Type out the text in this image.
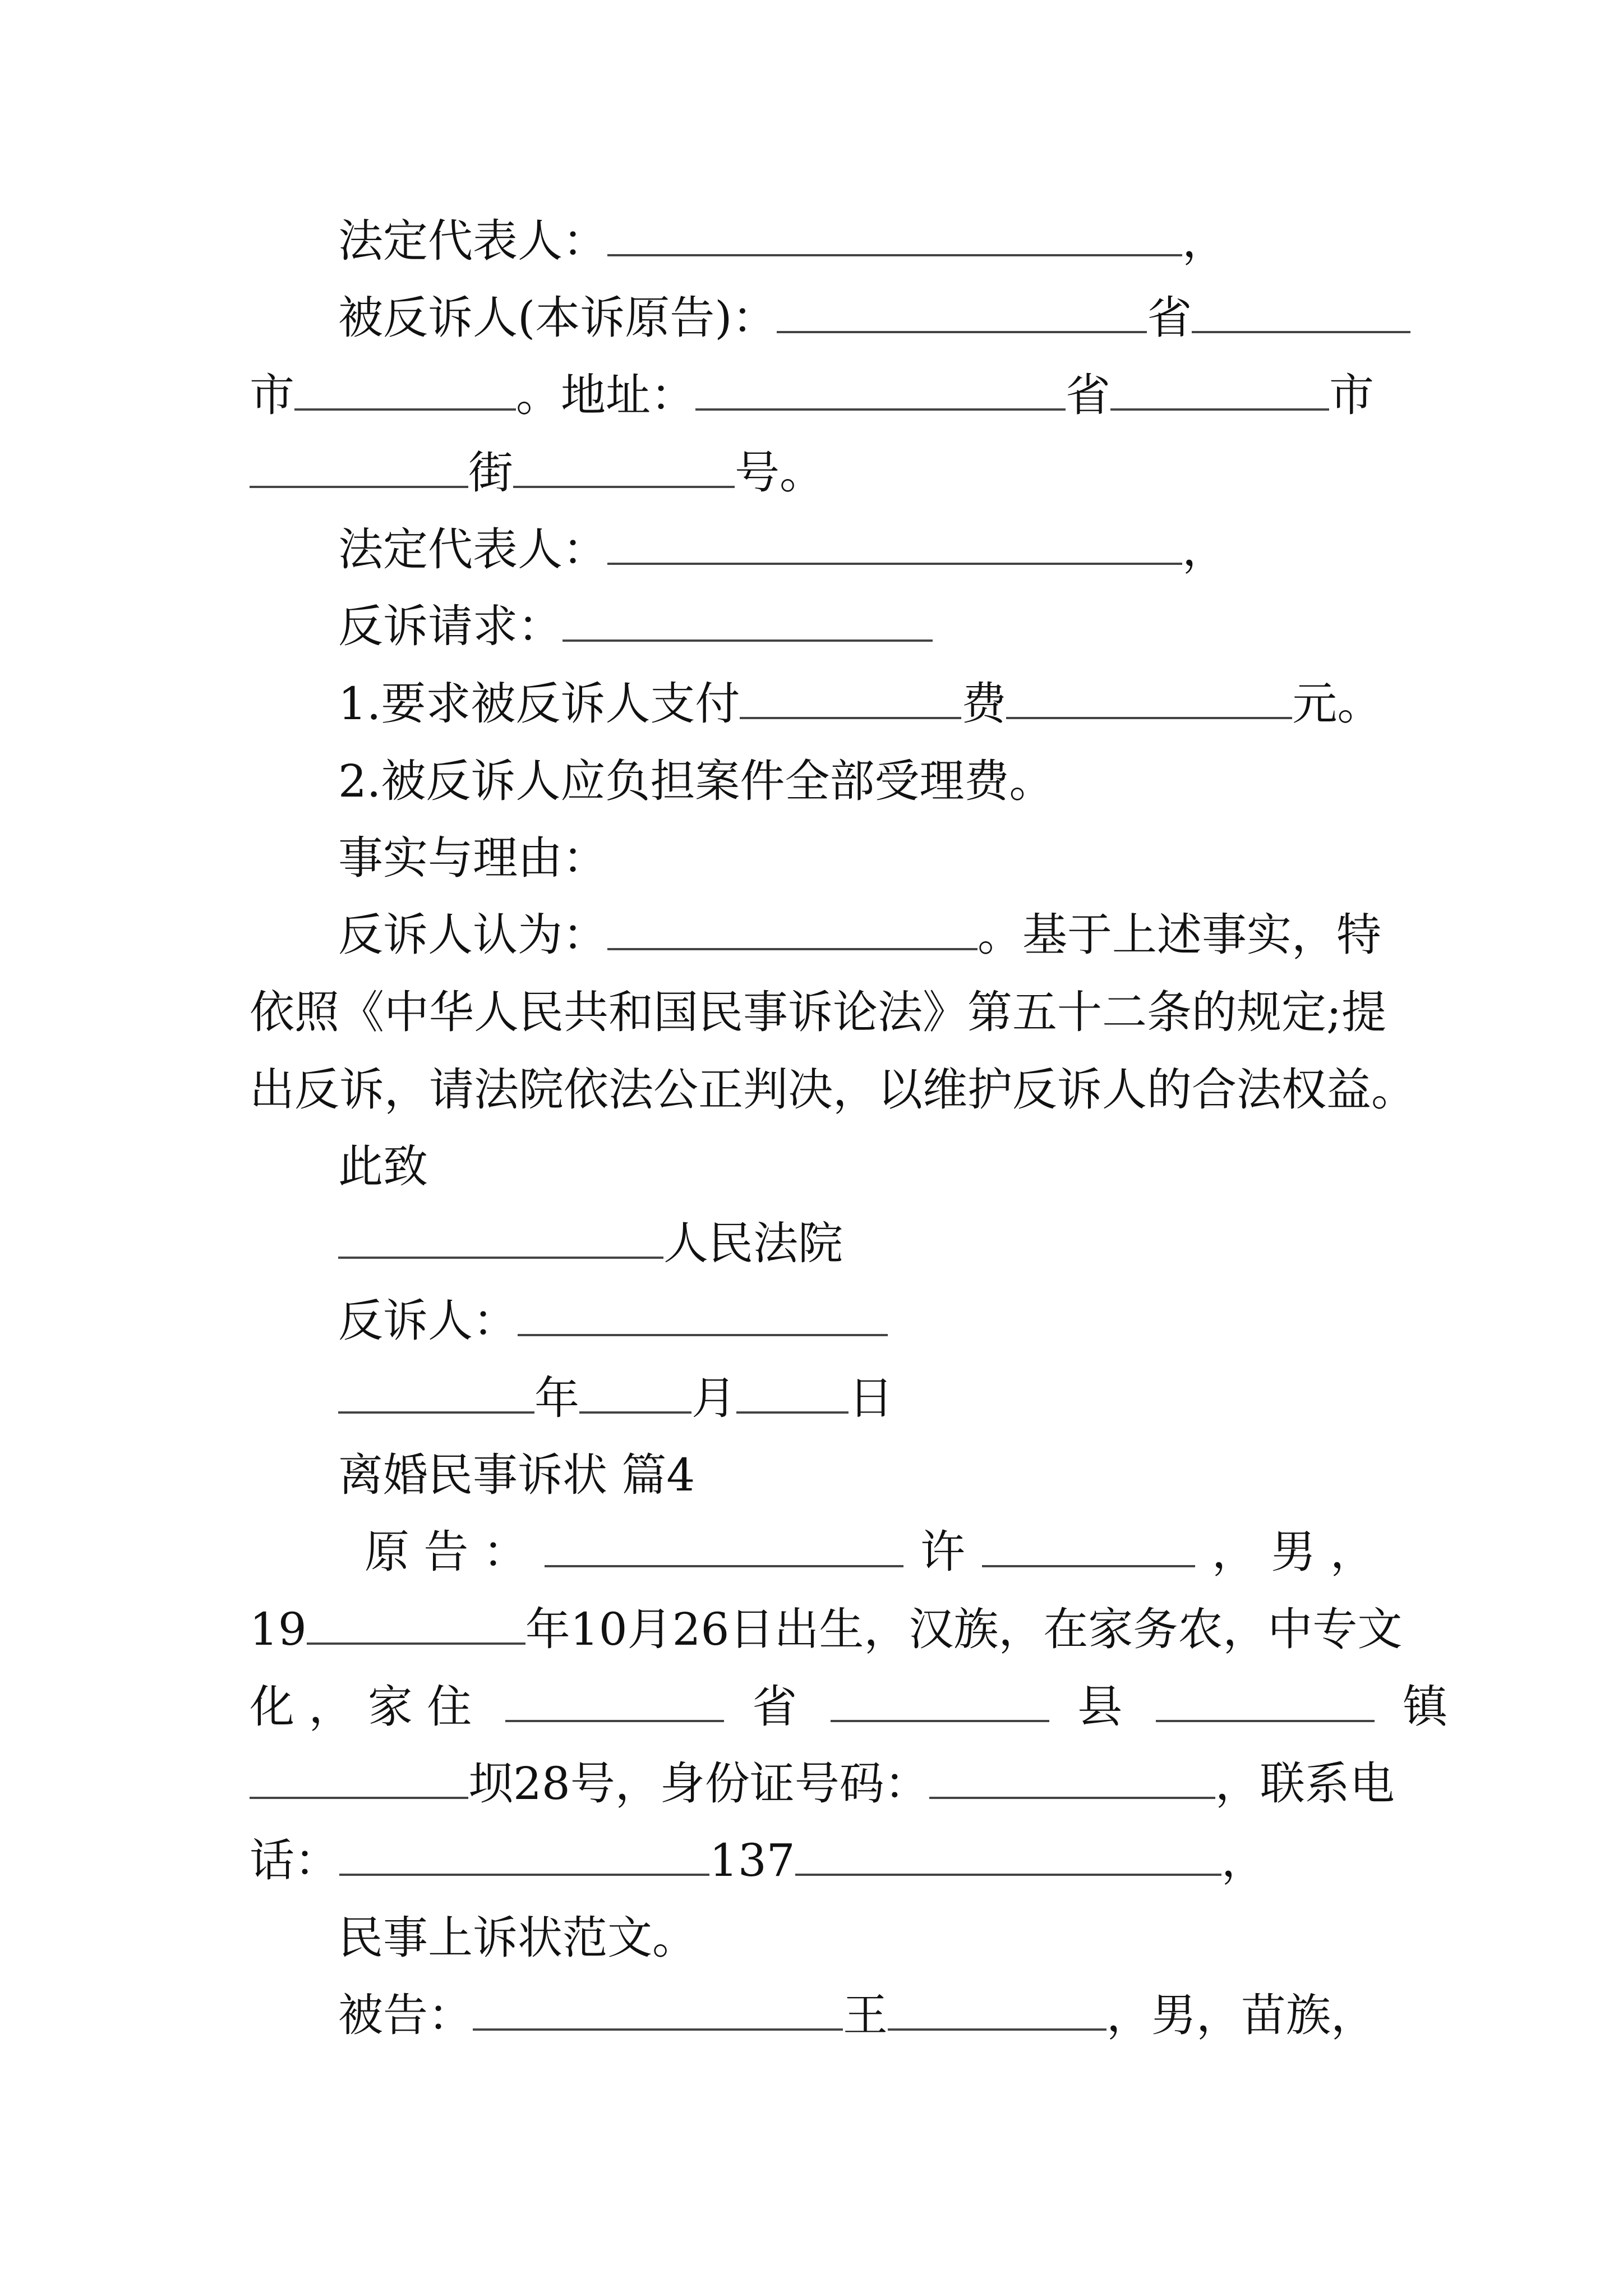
法定代表人：	，
被反诉人(本诉原告)：	省
市	。地址：	省	市
街	号。
法定代表人：	，
反诉请求：
1.要求被反诉人支付	费	元。
2.被反诉人应负担案件全部受理费。
事实与理由：
反诉人认为：	。基于上述事实，特
依照《中华人民共和国民事诉论法》第五十二条的规定;提
出反诉，请法院依法公正判决，以维护反诉人的合法权益。
此致
人民法院
反诉人：
年	月	日
离婚民事诉状 篇4
原 告 ：	许	， 男 ，
19	年10月26日出生，汉族，在家务农，中专文
化 ， 家 住	省	县	镇
坝28号，身份证号码：	，联系电
话：	137	，
民事上诉状范文。
被告：	王	，男，苗族，
